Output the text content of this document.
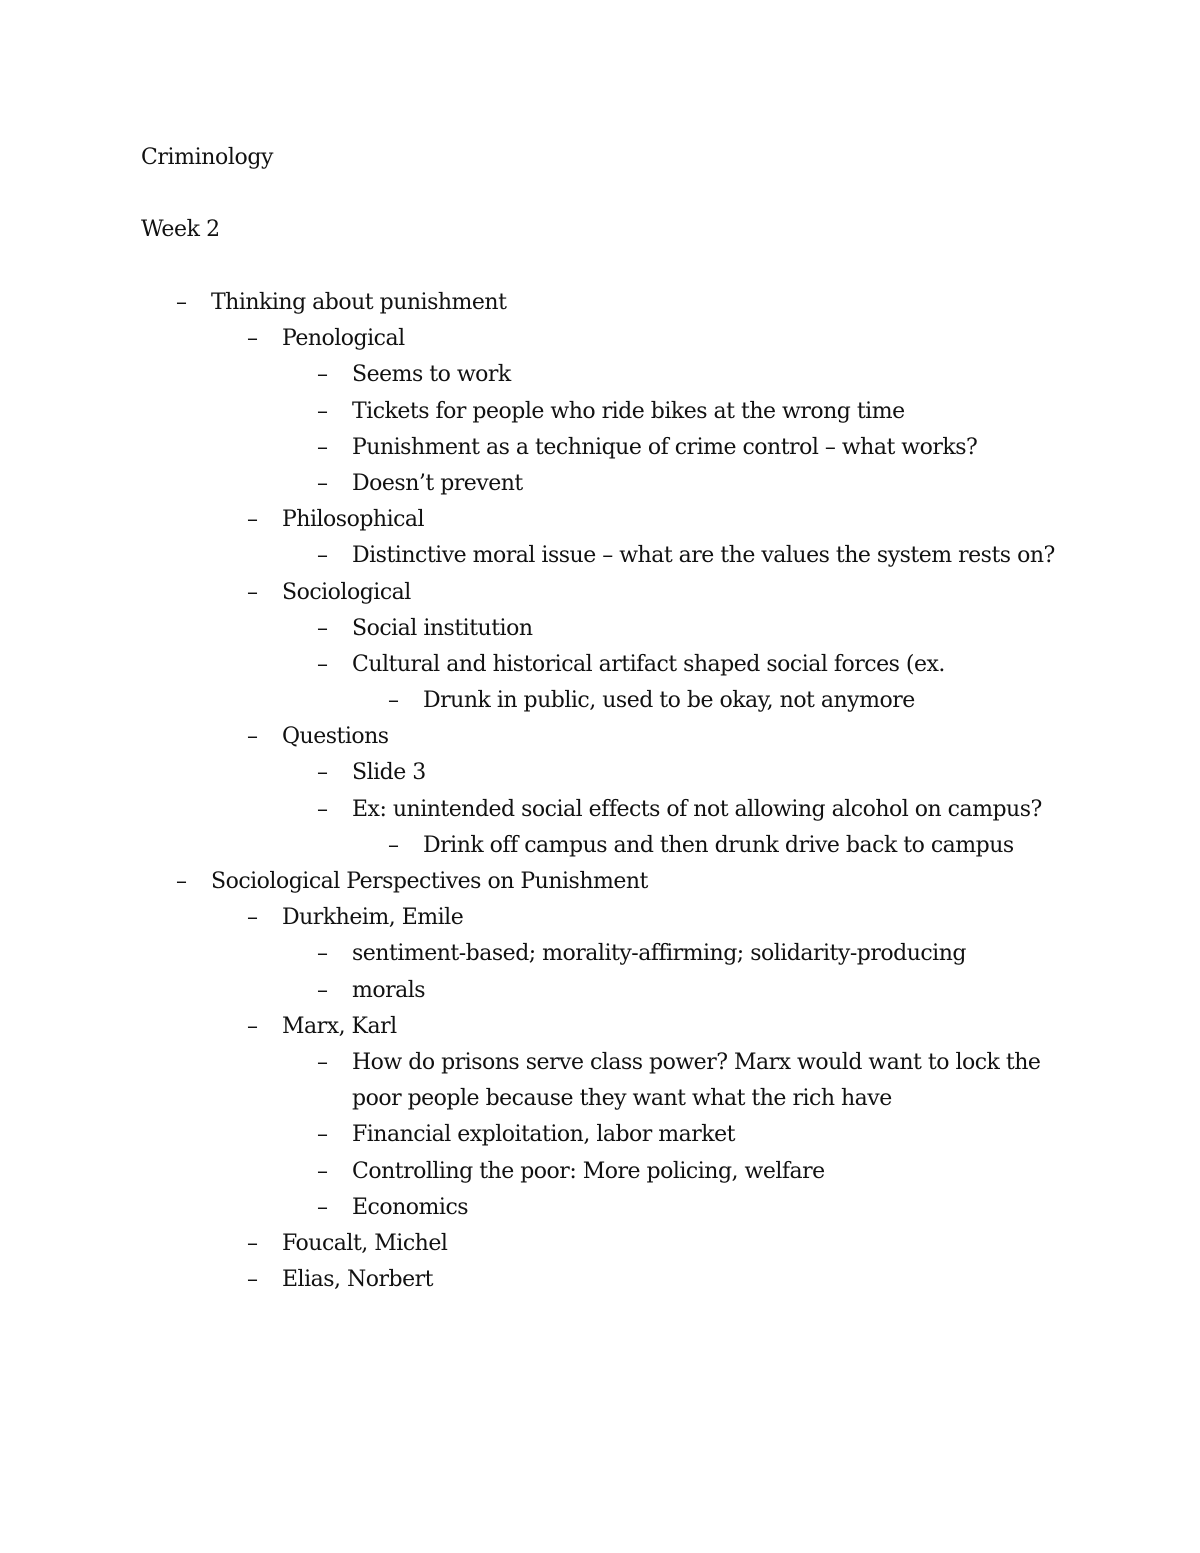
Criminology
Week 2
– Thinking about punishment
– Penological
– Seems to work
– Tickets for people who ride bikes at the wrong time
– Punishment as a technique of crime control – what works?
– Doesn’t prevent
– Philosophical
– Distinctive moral issue – what are the values the system rests on?
– Sociological
– Social institution
– Cultural and historical artifact shaped social forces (ex.
– Drunk in public, used to be okay, not anymore
– Questions
– Slide 3
– Ex: unintended social effects of not allowing alcohol on campus?
– Drink off campus and then drunk drive back to campus
– Sociological Perspectives on Punishment
– Durkheim, Emile
– sentiment-based; morality-affirming; solidarity-producing
– morals
– Marx, Karl
– How do prisons serve class power? Marx would want to lock the
poor people because they want what the rich have
– Financial exploitation, labor market
– Controlling the poor: More policing, welfare
– Economics
– Foucalt, Michel
– Elias, Norbert
